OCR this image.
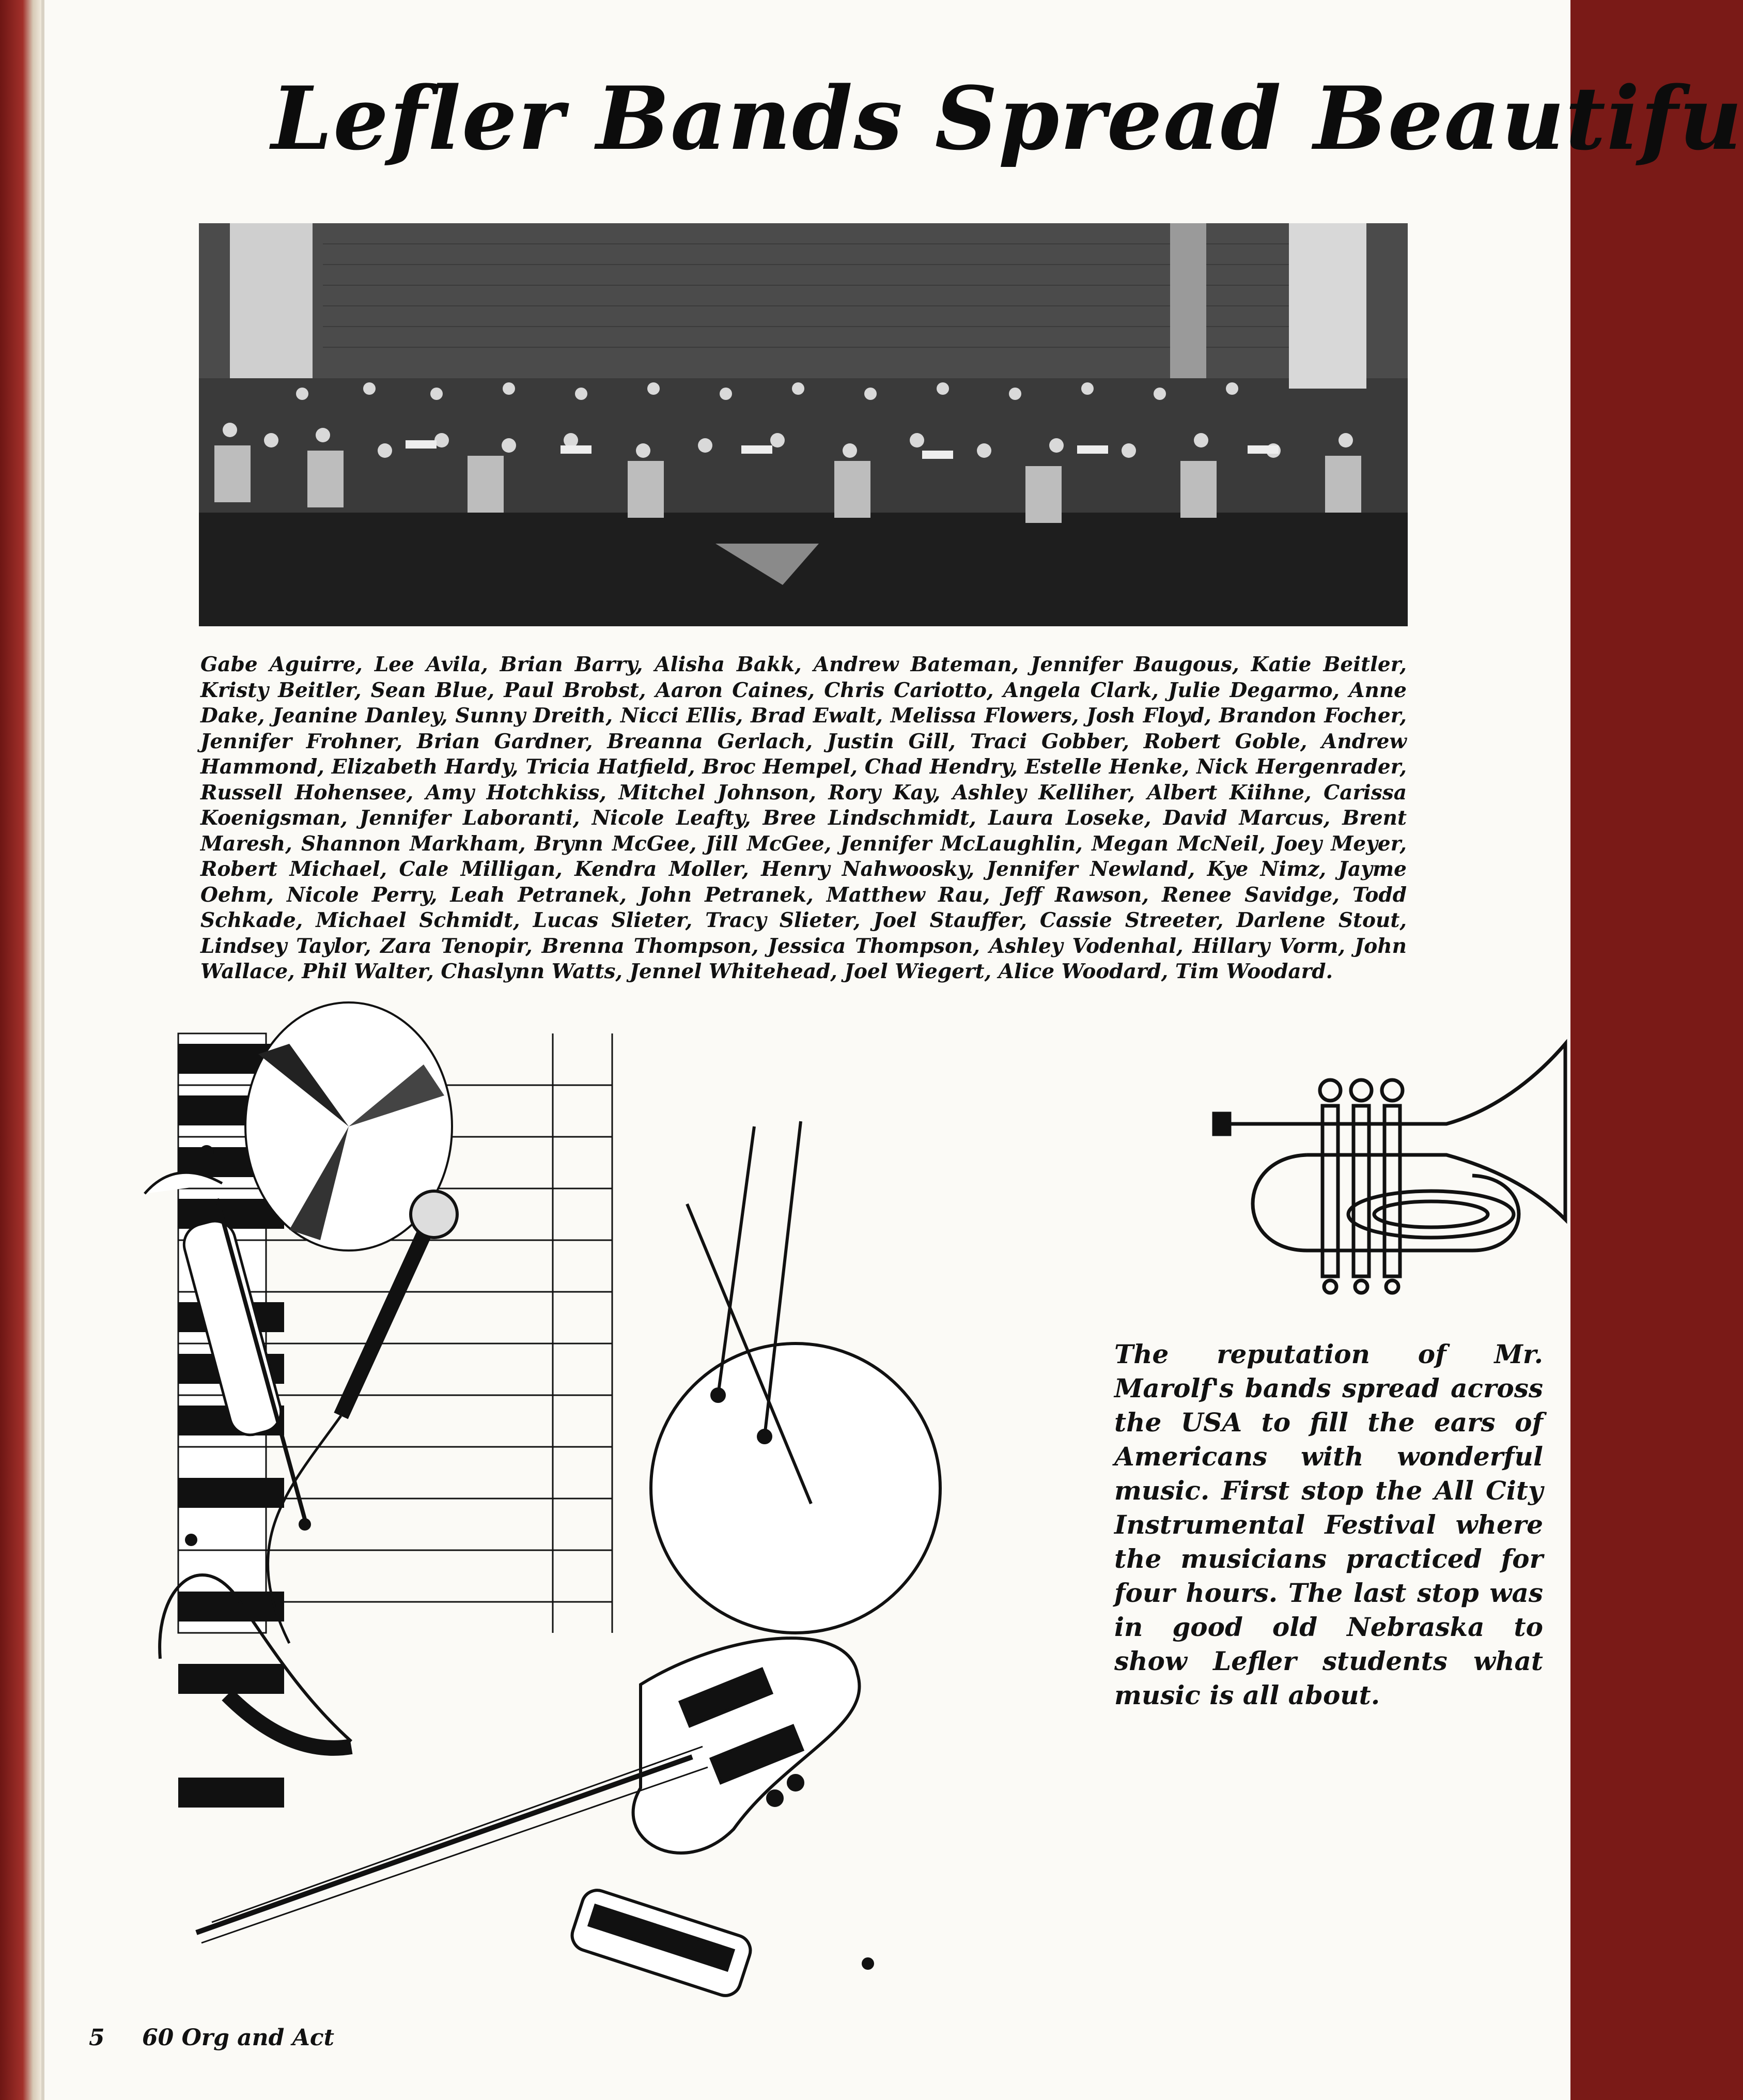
Lefler Bands Spread Beautifu
Gabe Aguirre, Lee Avila, Brian Barry, Alisha Bakk, Andrew Bateman, Jennifer Baugous, Katie Beitler, Kristy Beitler, Sean Blue, Paul Brobst, Aaron Caines, Chris Cariotto, Angela Clark, Julie Degarmo, Anne Dake, Jeanine Danley, Sunny Dreith, Nicci Ellis, Brad Ewalt, Melissa Flowers, Josh Floyd, Brandon Focher, Jennifer Frohner, Brian Gardner, Breanna Gerlach, Justin Gill, Traci Gobber, Robert Goble, Andrew Hammond, Elizabeth Hardy, Tricia Hatfield, Broc Hempel, Chad Hendry, Estelle Henke, Nick Hergenrader, Russell Hohensee, Amy Hotchkiss, Mitchel Johnson, Rory Kay, Ashley Kelliher, Albert Kiihne, Carissa Koenigsman, Jennifer Laboranti, Nicole Leafty, Bree Lindschmidt, Laura Loseke, David Marcus, Brent Maresh, Shannon Markham, Brynn McGee, Jill McGee, Jennifer McLaughlin, Megan McNeil, Joey Meyer, Robert Michael, Cale Milligan, Kendra Moller, Henry Nahwoosky, Jennifer Newland, Kye Nimz, Jayme Oehm, Nicole Perry, Leah Petranek, John Petranek, Matthew Rau, Jeff Rawson, Renee Savidge, Todd Schkade, Michael Schmidt, Lucas Slieter, Tracy Slieter, Joel Stauffer, Cassie Streeter, Darlene Stout, Lindsey Taylor, Zara Tenopir, Brenna Thompson, Jessica Thompson, Ashley Vodenhal, Hillary Vorm, John Wallace, Phil Walter, Chaslynn Watts, Jennel Whitehead, Joel Wiegert, Alice Woodard, Tim Woodard.
The reputation of Mr. Marolf's bands spread across the USA to fill the ears of Americans with wonderful music. First stop the All City Instrumental Festival where the musicians practiced for four hours. The last stop was in good old Nebraska to show Lefler students what music is all about.
5 60 Org and Act
